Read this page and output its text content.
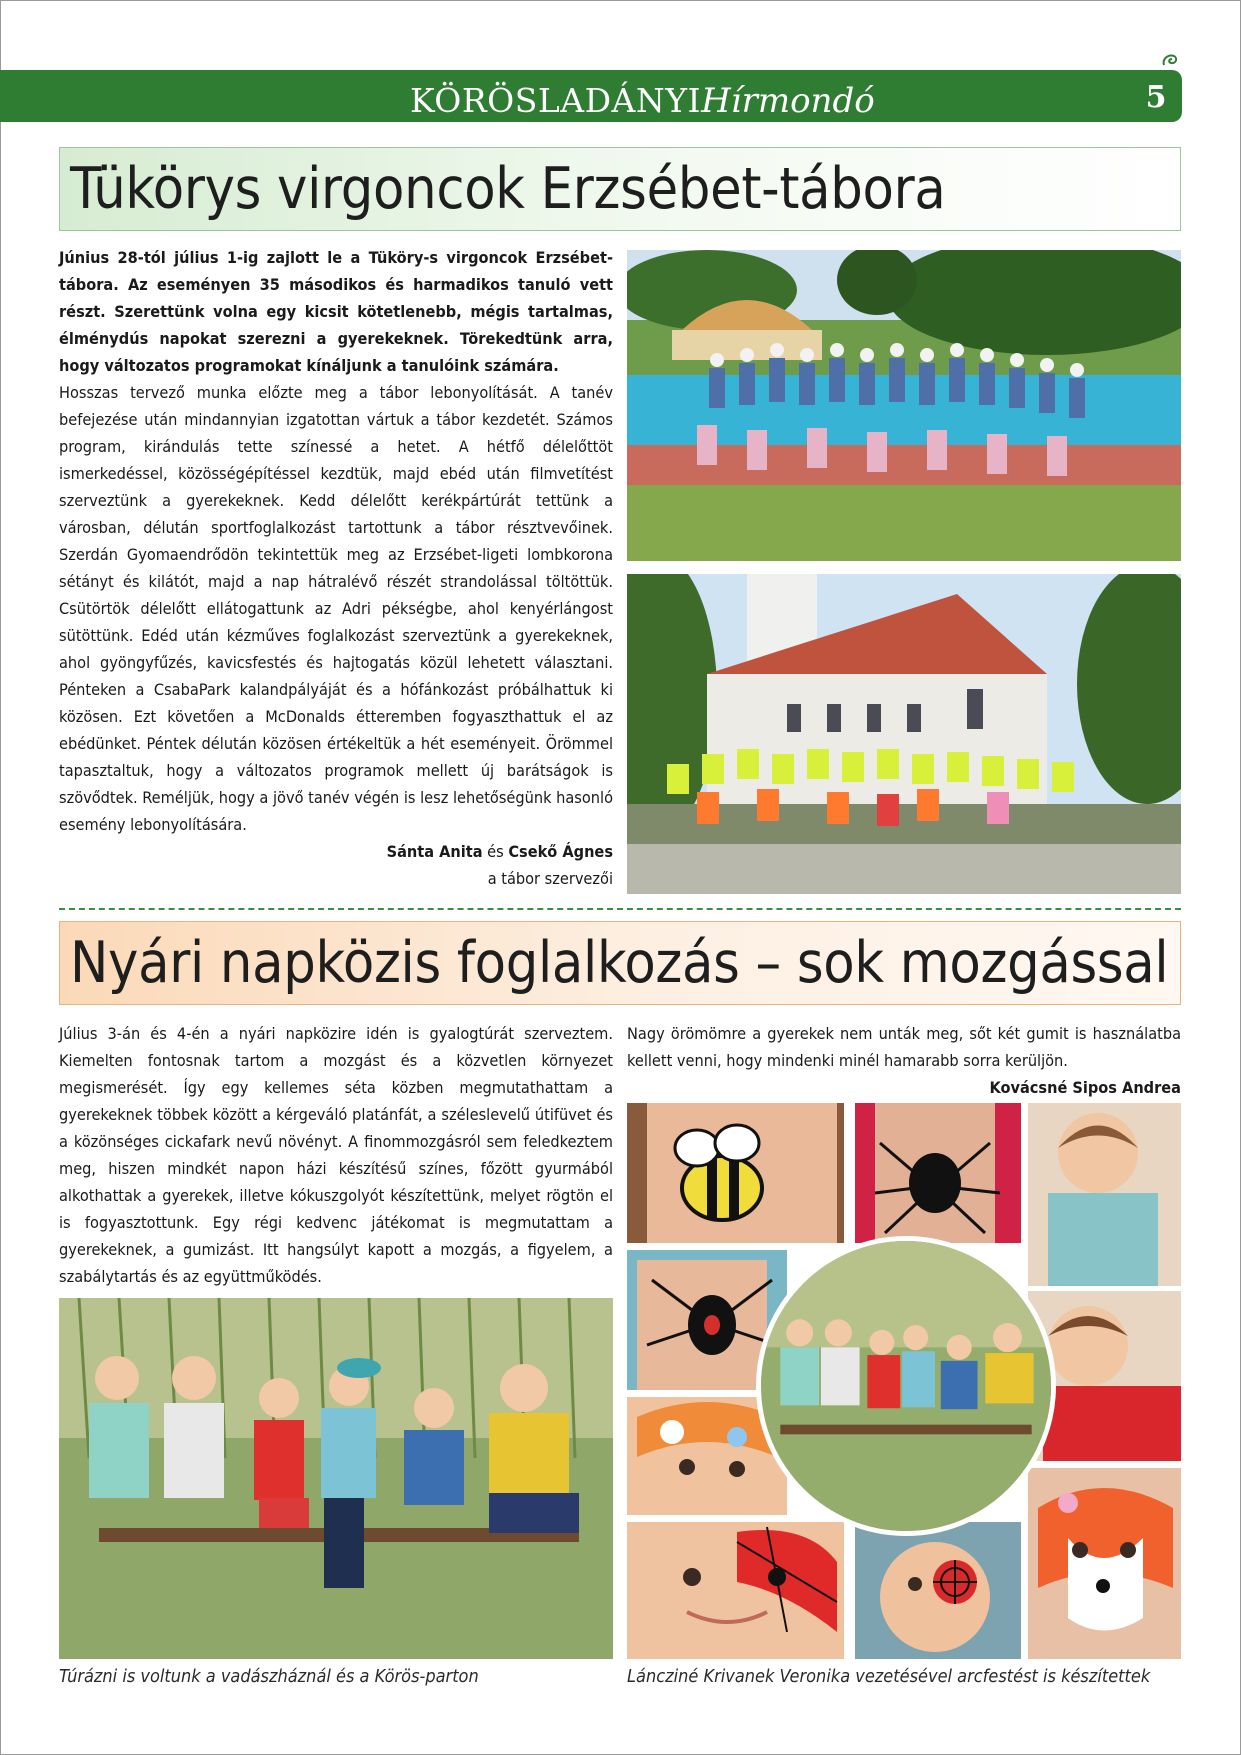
KÖRÖSLADÁNYIHírmondó	5
Tükörys virgoncok Erzsébet-tábora
Június 28-tól július 1-ig zajlott le a Tüköry-s virgoncok Erzsébet-tábora. Az eseményen 35 másodikos és harmadikos tanuló vett részt. Szerettünk volna egy kicsit kötetlenebb, mégis tartalmas, élménydús napokat szerezni a gyerekeknek. Törekedtünk arra, hogy változatos programokat kínáljunk a tanulóink számára.
Hosszas tervező munka előzte meg a tábor lebonyolítását. A tanév befejezése után mindannyian izgatottan vártuk a tábor kezdetét. Számos program, kirándulás tette színessé a hetet. A hétfő délelőttöt ismerkedéssel, közösségépítéssel kezdtük, majd ebéd után filmvetítést szerveztünk a gyerekeknek. Kedd délelőtt kerékpártúrát tettünk a városban, délután sportfoglalkozást tartottunk a tábor résztvevőinek. Szerdán Gyomaendrődön tekintettük meg az Erzsébet-ligeti lombkorona sétányt és kilátót, majd a nap hátralévő részét strandolással töltöttük. Csütörtök délelőtt ellátogattunk az Adri pékségbe, ahol kenyérlángost sütöttünk. Edéd után kézműves foglalkozást szerveztünk a gyerekeknek, ahol gyöngyfűzés, kavicsfestés és hajtogatás közül lehetett választani. Pénteken a CsabaPark kalandpályáját és a hófánkozást próbálhattuk ki közösen. Ezt követően a McDonalds étteremben fogyaszthattuk el az ebédünket. Péntek délután közösen értékeltük a hét eseményeit. Örömmel tapasztaltuk, hogy a változatos programok mellett új barátságok is szövődtek. Reméljük, hogy a jövő tanév végén is lesz lehetőségünk hasonló esemény lebonyolítására.
Sánta Anita és Csekő Ágnes
a tábor szervezői
Nyári napközis foglalkozás – sok mozgással
Július 3-án és 4-én a nyári napközire idén is gyalogtúrát szerveztem. Kiemelten fontosnak tartom a mozgást és a közvetlen környezet megismerését. Így egy kellemes séta közben megmutathattam a gyerekeknek többek között a kérgeváló platánfát, a széleslevelű útifüvet és a közönséges cickafark nevű növényt. A finommozgásról sem feledkeztem meg, hiszen mindkét napon házi készítésű színes, főzött gyurmából alkothattak a gyerekek, illetve kókuszgolyót készítettünk, melyet rögtön el is fogyasztottunk. Egy régi kedvenc játékomat is megmutattam a gyerekeknek, a gumizást. Itt hangsúlyt kapott a mozgás, a figyelem, a szabálytartás és az együttműködés.
Nagy örömömre a gyerekek nem unták meg, sőt két gumit is használatba kellett venni, hogy mindenki minél hamarabb sorra kerüljön.
Kovácsné Sipos Andrea
Túrázni is voltunk a vadászháznál és a Körös-parton	Láncziné Krivanek Veronika vezetésével arcfestést is készítettek
